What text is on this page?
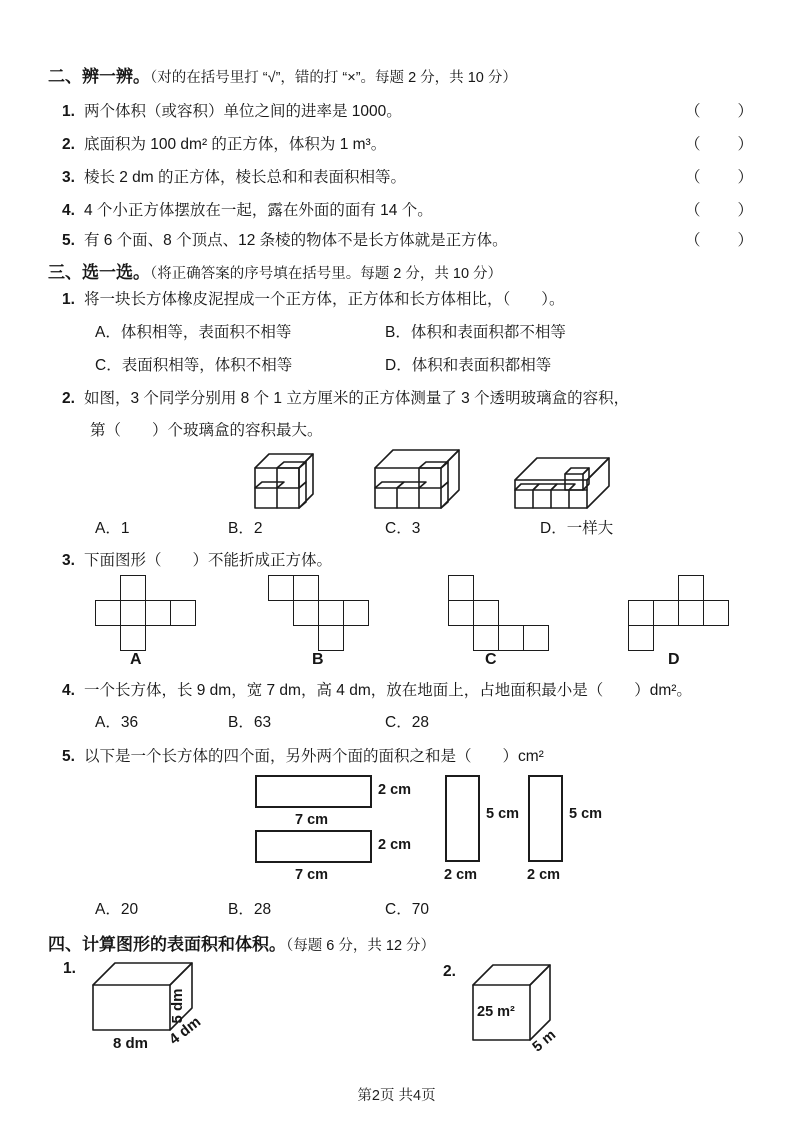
二、辨一辨。（对的在括号里打 “√”，错的打 “×”。每题 2 分，共 10 分）
1. 两个体积（或容积）单位之间的进率是 1000。	（　　）
2. 底面积为 100 dm² 的正方体，体积为 1 m³。	（　　）
3. 棱长 2 dm 的正方体，棱长总和和表面积相等。	（　　）
4. 4 个小正方体摆放在一起，露在外面的面有 14 个。	（　　）
5. 有 6 个面、8 个顶点、12 条棱的物体不是长方体就是正方体。	（　　）
三、选一选。（将正确答案的序号填在括号里。每题 2 分，共 10 分）
1. 将一块长方体橡皮泥捏成一个正方体，正方体和长方体相比，（　　）。
A．体积相等，表面积不相等	B．体积和表面积都不相等
C．表面积相等，体积不相等	D．体积和表面积都相等
2. 如图，3 个同学分别用 8 个 1 立方厘米的正方体测量了 3 个透明玻璃盒的容积，
第（　　）个玻璃盒的容积最大。
A．1	B．2	C．3	D．一样大
3. 下面图形（　　）不能折成正方体。
A	B	C	D
4. 一个长方体，长 9 dm，宽 7 dm，高 4 dm，放在地面上，占地面积最小是（　　）dm²。
A．36	B．63	C．28
5. 以下是一个长方体的四个面，另外两个面的面积之和是（　　）cm²
2 cm
7 cm
2 cm
7 cm
5 cm
2 cm
5 cm
2 cm
A．20	B．28	C．70
四、计算图形的表面积和体积。（每题 6 分，共 12 分）
1.
8 dm
5 dm
4 dm
2.
25 m²
5 m
第2页 共4页
